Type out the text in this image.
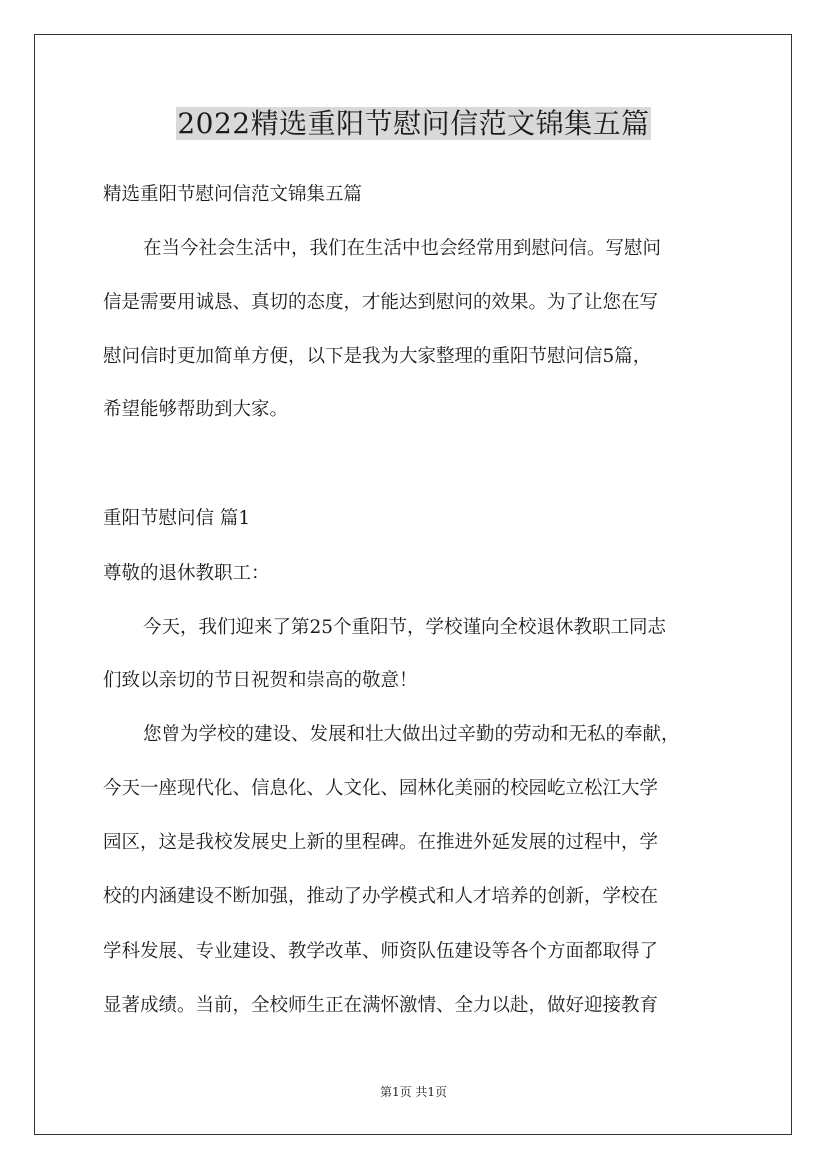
2022精选重阳节慰问信范文锦集五篇

精选重阳节慰问信范文锦集五篇

在当今社会生活中，我们在生活中也会经常用到慰问信。写慰问

信是需要用诚恳、真切的态度，才能达到慰问的效果。为了让您在写

慰问信时更加简单方便，以下是我为大家整理的重阳节慰问信5篇，

希望能够帮助到大家。

重阳节慰问信 篇1

尊敬的退休教职工：

今天，我们迎来了第25个重阳节，学校谨向全校退休教职工同志

们致以亲切的节日祝贺和崇高的敬意！

您曾为学校的建设、发展和壮大做出过辛勤的劳动和无私的奉献，

今天一座现代化、信息化、人文化、园林化美丽的校园屹立松江大学

园区，这是我校发展史上新的里程碑。在推进外延发展的过程中，学

校的内涵建设不断加强，推动了办学模式和人才培养的创新，学校在

学科发展、专业建设、教学改革、师资队伍建设等各个方面都取得了

显著成绩。当前，全校师生正在满怀激情、全力以赴，做好迎接教育

第1页 共1页
